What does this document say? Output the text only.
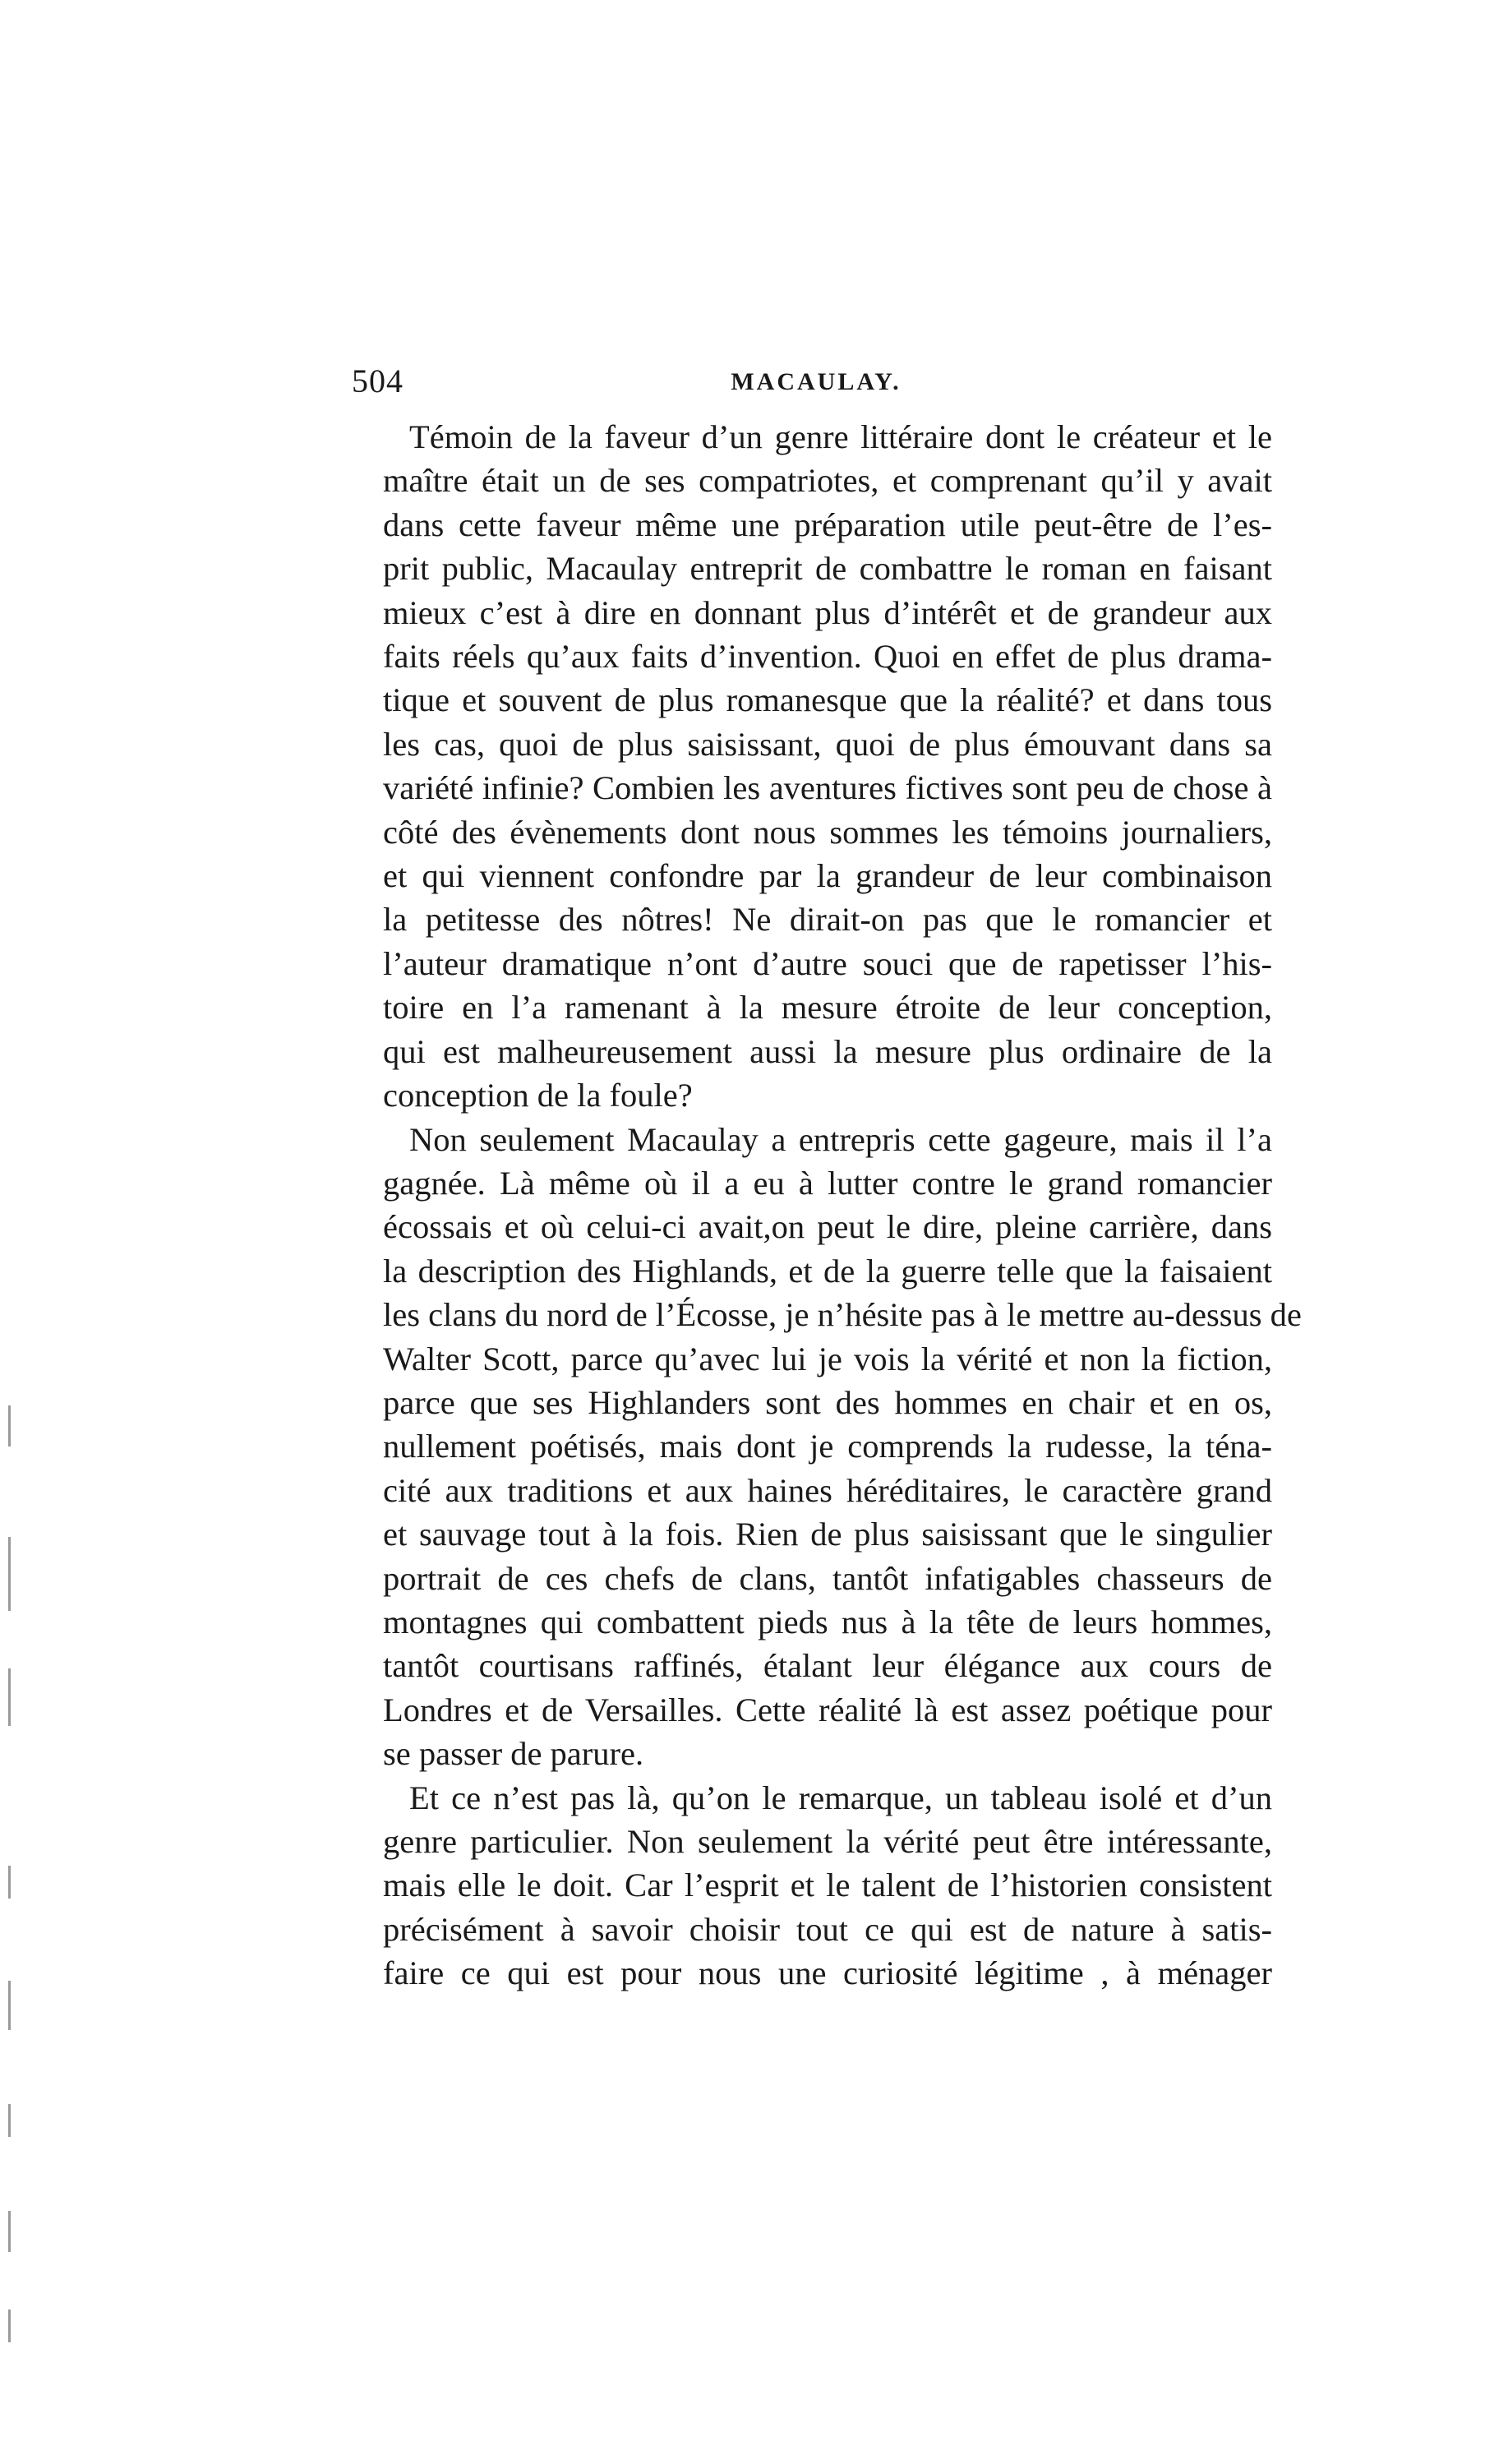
504	MACAULAY.

Témoin de la faveur d’un genre littéraire dont le créateur et le
maître était un de ses compatriotes, et comprenant qu’il y avait
dans cette faveur même une préparation utile peut-être de l’es-
prit public, Macaulay entreprit de combattre le roman en faisant
mieux c’est à dire en donnant plus d’intérêt et de grandeur aux
faits réels qu’aux faits d’invention. Quoi en effet de plus drama-
tique et souvent de plus romanesque que la réalité? et dans tous
les cas, quoi de plus saisissant, quoi de plus émouvant dans sa
variété infinie? Combien les aventures fictives sont peu de chose à
côté des évènements dont nous sommes les témoins journaliers,
et qui viennent confondre par la grandeur de leur combinaison
la petitesse des nôtres! Ne dirait-on pas que le romancier et
l’auteur dramatique n’ont d’autre souci que de rapetisser l’his-
toire en l’a ramenant à la mesure étroite de leur conception,
qui est malheureusement aussi la mesure plus ordinaire de la
conception de la foule?

Non seulement Macaulay a entrepris cette gageure, mais il l’a
gagnée. Là même où il a eu à lutter contre le grand romancier
écossais et où celui-ci avait,on peut le dire, pleine carrière, dans
la description des Highlands, et de la guerre telle que la faisaient
les clans du nord de l’Écosse, je n’hésite pas à le mettre au-dessus de
Walter Scott, parce qu’avec lui je vois la vérité et non la fiction,
parce que ses Highlanders sont des hommes en chair et en os,
nullement poétisés, mais dont je comprends la rudesse, la téna-
cité aux traditions et aux haines héréditaires, le caractère grand
et sauvage tout à la fois. Rien de plus saisissant que le singulier
portrait de ces chefs de clans, tantôt infatigables chasseurs de
montagnes qui combattent pieds nus à la tête de leurs hommes,
tantôt courtisans raffinés, étalant leur élégance aux cours de
Londres et de Versailles. Cette réalité là est assez poétique pour
se passer de parure.

Et ce n’est pas là, qu’on le remarque, un tableau isolé et d’un
genre particulier. Non seulement la vérité peut être intéressante,
mais elle le doit. Car l’esprit et le talent de l’historien consistent
précisément à savoir choisir tout ce qui est de nature à satis-
faire ce qui est pour nous une curiosité légitime , à ménager
